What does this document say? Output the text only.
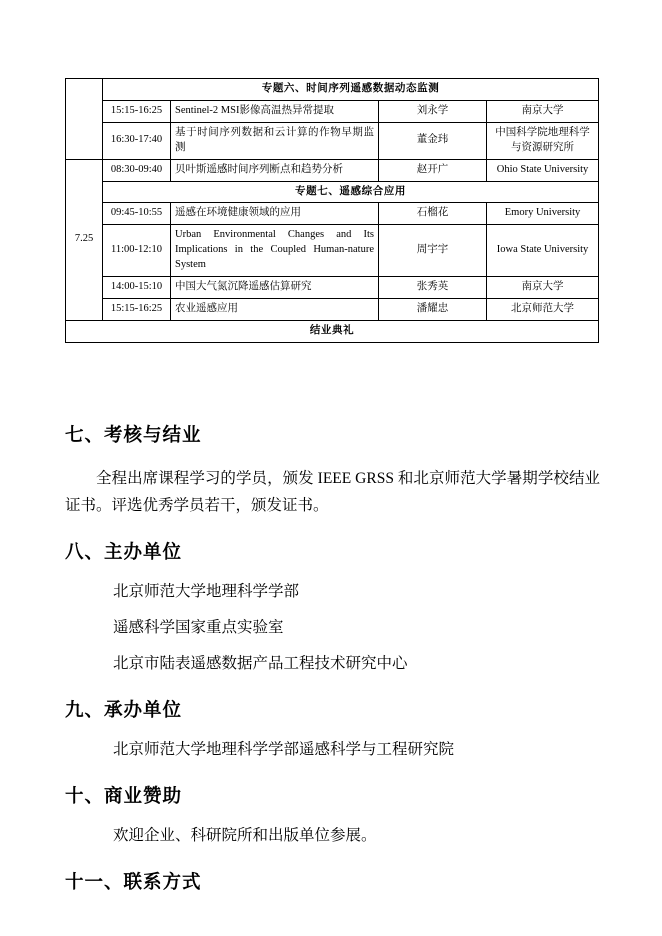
	专题六、时间序列遥感数据动态监测			
	15:15-16:25	Sentinel-2 MSI影像高温热异常提取	刘永学	南京大学
	16:30-17:40	基于时间序列数据和云计算的作物早期监测	董金玮	中国科学院地理科学与资源研究所
7.25	08:30-09:40	贝叶斯遥感时间序列断点和趋势分析	赵开广	Ohio State University
	专题七、遥感综合应用			
	09:45-10:55	遥感在环境健康领域的应用	石榴花	Emory University
	11:00-12:10	Urban Environmental Changes and Its Implications in the Coupled Human-nature System	周宇宇	Iowa State University
	14:00-15:10	中国大气氮沉降遥感估算研究	张秀英	南京大学
	15:15-16:25	农业遥感应用	潘耀忠	北京师范大学
结业典礼				
七、考核与结业

全程出席课程学习的学员，颁发 IEEE GRSS 和北京师范大学暑期学校结业证书。评选优秀学员若干，颁发证书。

八、主办单位

北京师范大学地理科学学部

遥感科学国家重点实验室

北京市陆表遥感数据产品工程技术研究中心

九、承办单位

北京师范大学地理科学学部遥感科学与工程研究院

十、商业赞助

欢迎企业、科研院所和出版单位参展。

十一、联系方式
